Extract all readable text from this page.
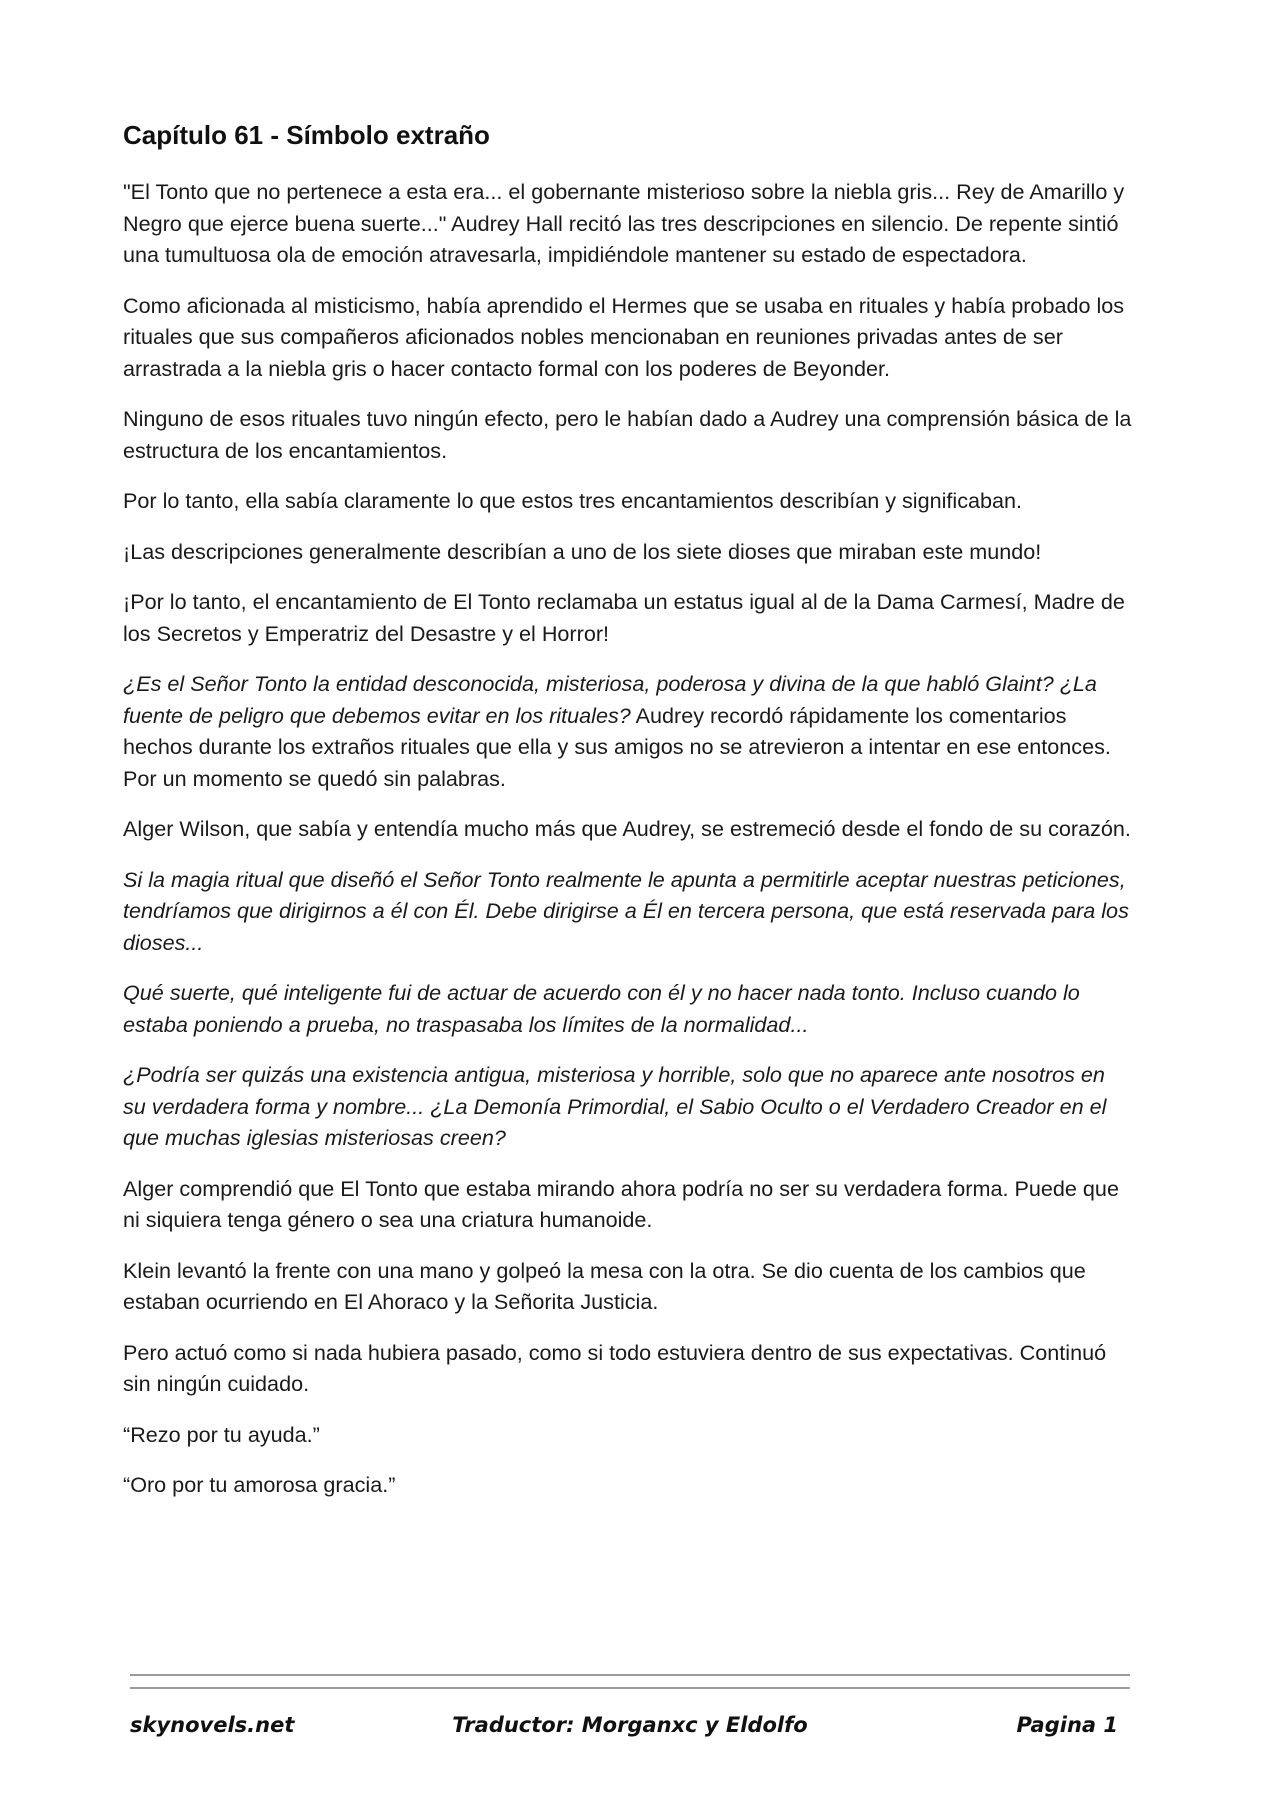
Capítulo 61 - Símbolo extraño

"El Tonto que no pertenece a esta era... el gobernante misterioso sobre la niebla gris... Rey de Amarillo y Negro que ejerce buena suerte..." Audrey Hall recitó las tres descripciones en silencio. De repente sintió una tumultuosa ola de emoción atravesarla, impidiéndole mantener su estado de espectadora.

Como aficionada al misticismo, había aprendido el Hermes que se usaba en rituales y había probado los rituales que sus compañeros aficionados nobles mencionaban en reuniones privadas antes de ser arrastrada a la niebla gris o hacer contacto formal con los poderes de Beyonder.

Ninguno de esos rituales tuvo ningún efecto, pero le habían dado a Audrey una comprensión básica de la estructura de los encantamientos.

Por lo tanto, ella sabía claramente lo que estos tres encantamientos describían y significaban.

¡Las descripciones generalmente describían a uno de los siete dioses que miraban este mundo!

¡Por lo tanto, el encantamiento de El Tonto reclamaba un estatus igual al de la Dama Carmesí, Madre de los Secretos y Emperatriz del Desastre y el Horror!

¿Es el Señor Tonto la entidad desconocida, misteriosa, poderosa y divina de la que habló Glaint? ¿La fuente de peligro que debemos evitar en los rituales? Audrey recordó rápidamente los comentarios hechos durante los extraños rituales que ella y sus amigos no se atrevieron a intentar en ese entonces. Por un momento se quedó sin palabras.

Alger Wilson, que sabía y entendía mucho más que Audrey, se estremeció desde el fondo de su corazón.

Si la magia ritual que diseñó el Señor Tonto realmente le apunta a permitirle aceptar nuestras peticiones, tendríamos que dirigirnos a él con Él. Debe dirigirse a Él en tercera persona, que está reservada para los dioses...

Qué suerte, qué inteligente fui de actuar de acuerdo con él y no hacer nada tonto. Incluso cuando lo estaba poniendo a prueba, no traspasaba los límites de la normalidad...

¿Podría ser quizás una existencia antigua, misteriosa y horrible, solo que no aparece ante nosotros en su verdadera forma y nombre... ¿La Demonía Primordial, el Sabio Oculto o el Verdadero Creador en el que muchas iglesias misteriosas creen?

Alger comprendió que El Tonto que estaba mirando ahora podría no ser su verdadera forma. Puede que ni siquiera tenga género o sea una criatura humanoide.

Klein levantó la frente con una mano y golpeó la mesa con la otra. Se dio cuenta de los cambios que estaban ocurriendo en El Ahoraco y la Señorita Justicia.

Pero actuó como si nada hubiera pasado, como si todo estuviera dentro de sus expectativas. Continuó sin ningún cuidado.

“Rezo por tu ayuda.”

“Oro por tu amorosa gracia.”

skynovels.net	Traductor: Morganxc y Eldolfo	Pagina 1
